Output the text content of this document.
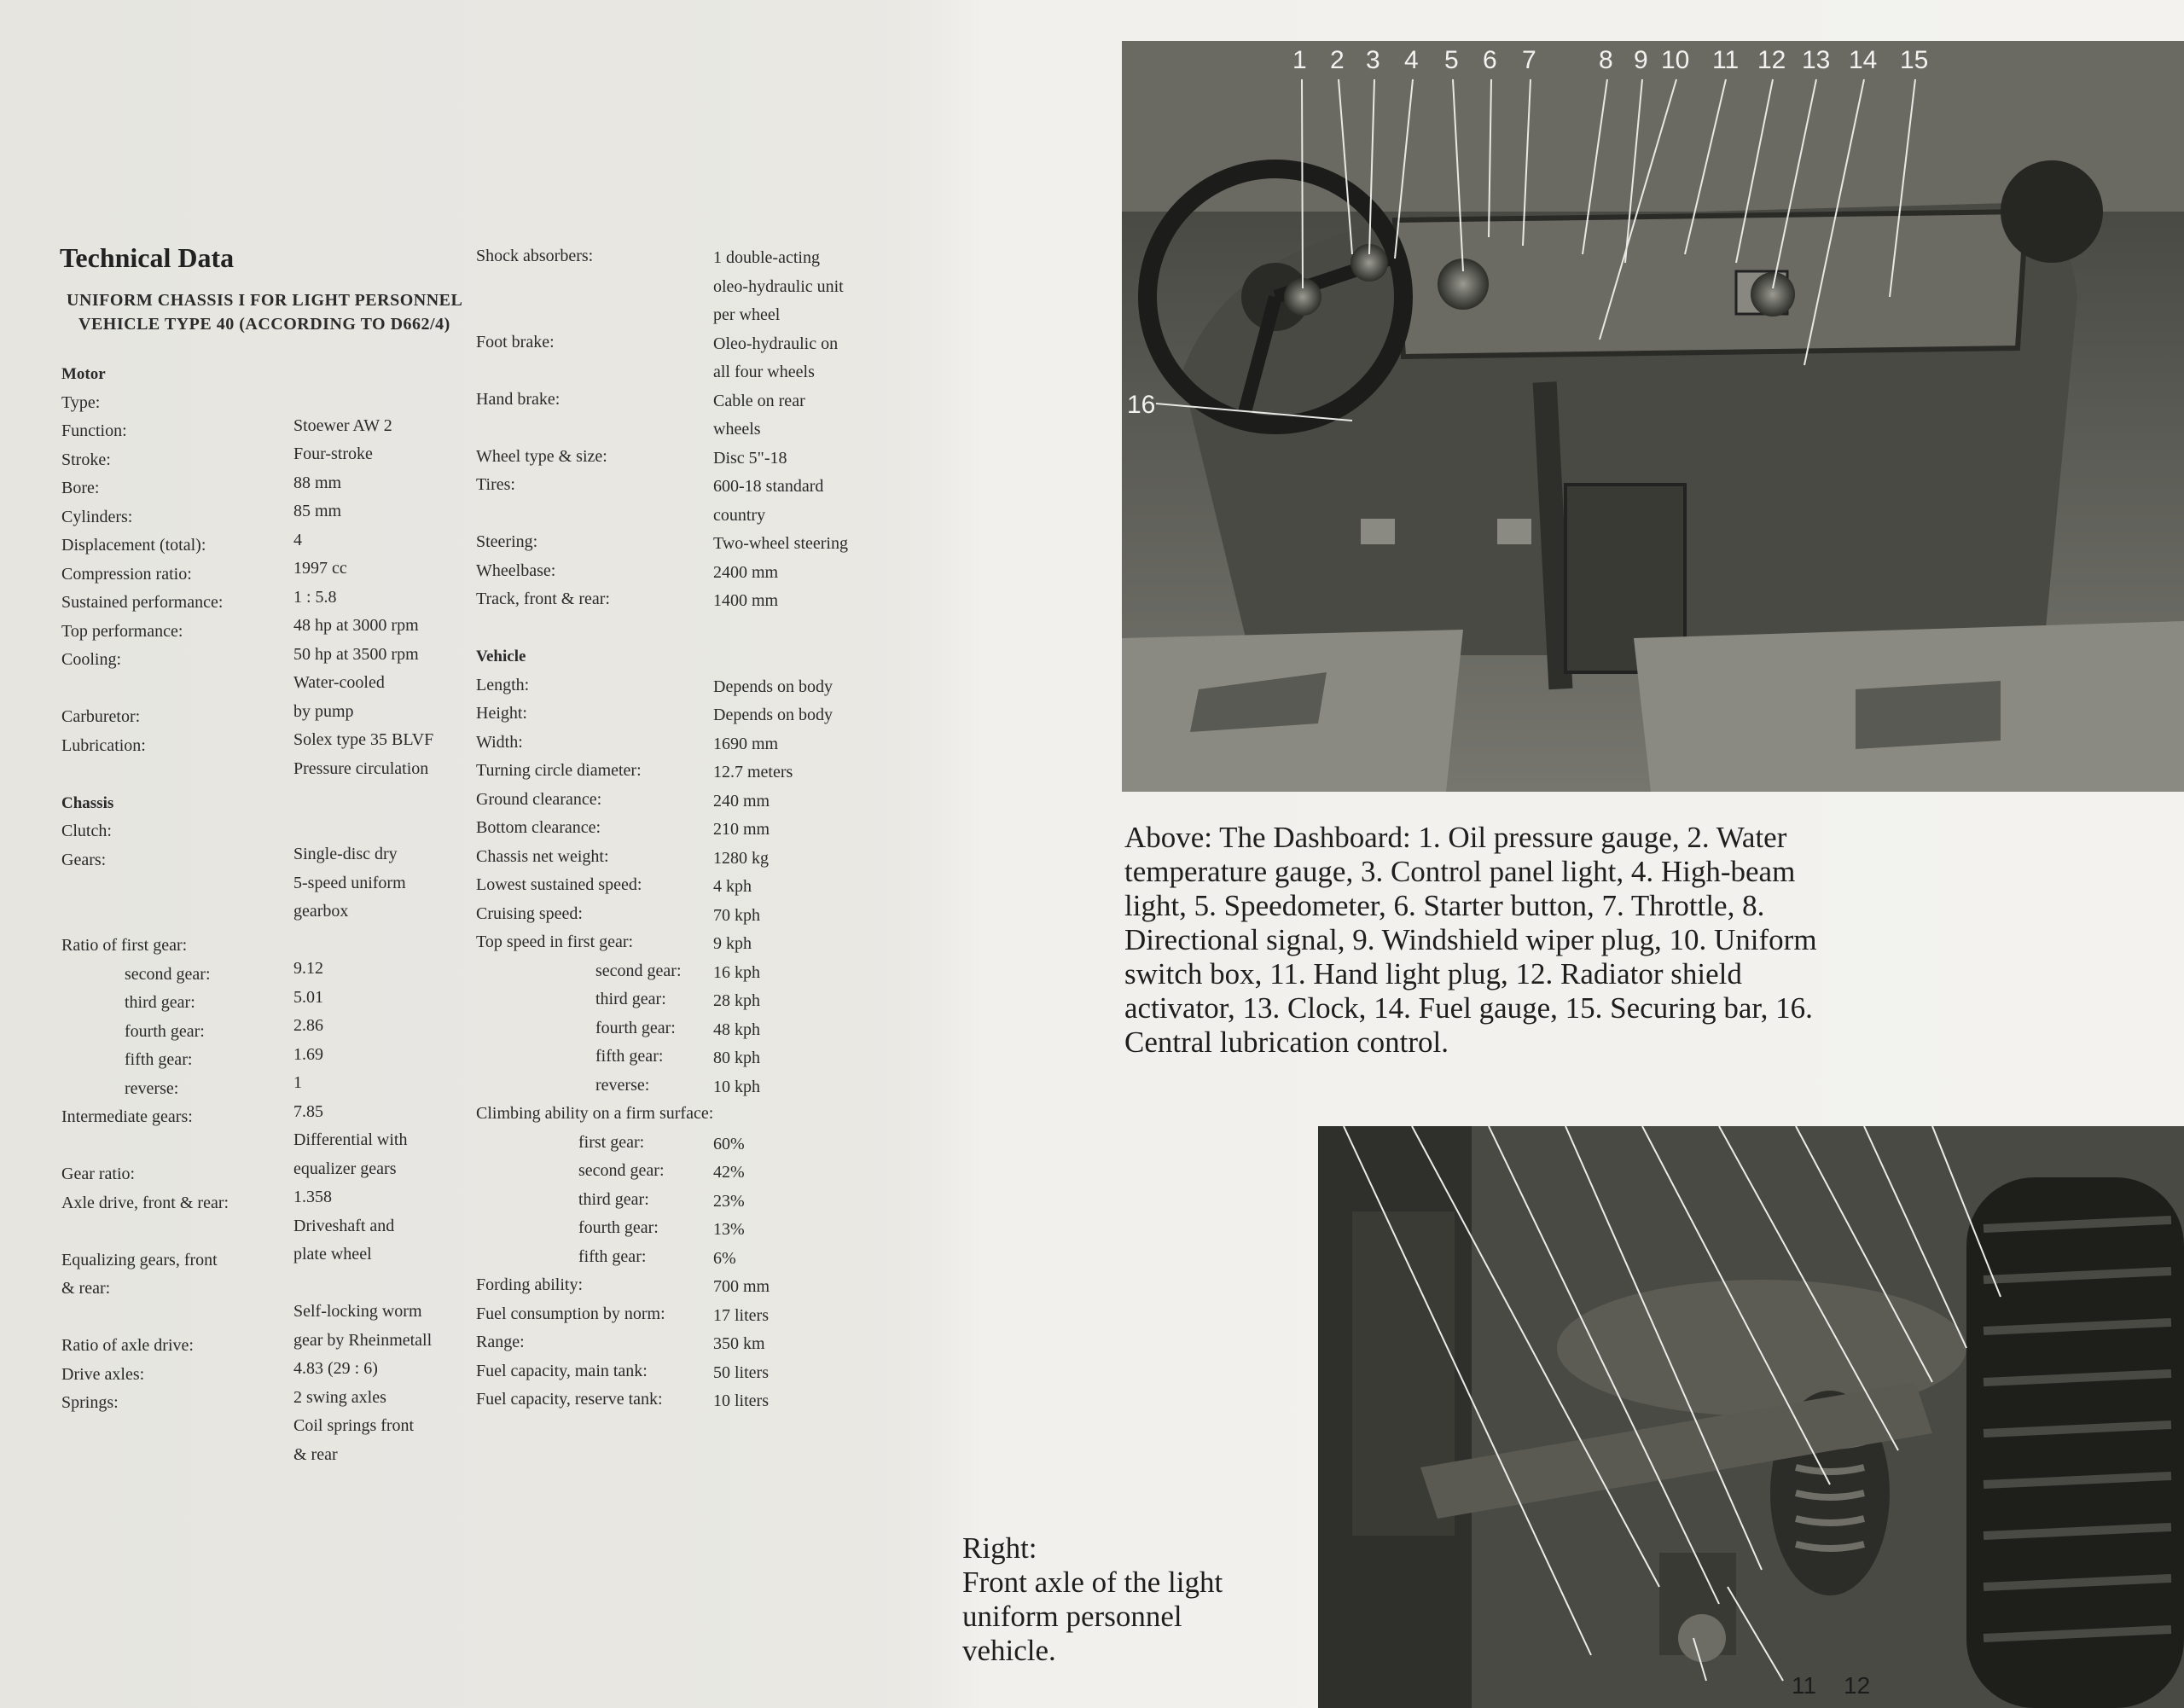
Technical Data
UNIFORM CHASSIS I FOR LIGHT PERSONNEL
VEHICLE TYPE 40 (ACCORDING TO D662/4)
Motor
Type:
Function:
Stroke:
Bore:
Cylinders:
Displacement (total):
Compression ratio:
Sustained performance:
Top performance:
Cooling:
Carburetor:
Lubrication:
Chassis
Clutch:
Gears:
Ratio of first gear:
second gear:
third gear:
fourth gear:
fifth gear:
reverse:
Intermediate gears:
Gear ratio:
Axle drive, front & rear:
Equalizing gears, front
& rear:
Ratio of axle drive:
Drive axles:
Springs:
Stoewer AW 2
Four-stroke
88 mm
85 mm
4
1997 cc
1 : 5.8
48 hp at 3000 rpm
50 hp at 3500 rpm
Water-cooled
by pump
Solex type 35 BLVF
Pressure circulation
Single-disc dry
5-speed uniform
gearbox
9.12
5.01
2.86
1.69
1
7.85
Differential with
equalizer gears
1.358
Driveshaft and
plate wheel
Self-locking worm
gear by Rheinmetall
4.83 (29 : 6)
2 swing axles
Coil springs front
& rear
Shock absorbers:
Foot brake:
Hand brake:
Wheel type & size:
Tires:
Steering:
Wheelbase:
Track, front & rear:
Vehicle
Length:
Height:
Width:
Turning circle diameter:
Ground clearance:
Bottom clearance:
Chassis net weight:
Lowest sustained speed:
Cruising speed:
Top speed in first gear:
second gear:
third gear:
fourth gear:
fifth gear:
reverse:
Climbing ability on a firm surface:
first gear:
second gear:
third gear:
fourth gear:
fifth gear:
Fording ability:
Fuel consumption by norm:
Range:
Fuel capacity, main tank:
Fuel capacity, reserve tank:
1 double-acting
oleo-hydraulic unit
per wheel
Oleo-hydraulic on
all four wheels
Cable on rear
wheels
Disc 5"-18
600-18 standard
country
Two-wheel steering
2400 mm
1400 mm
Depends on body
Depends on body
1690 mm
12.7 meters
240 mm
210 mm
1280 kg
4 kph
70 kph
9 kph
16 kph
28 kph
48 kph
80 kph
10 kph
60%
42%
23%
13%
6%
700 mm
17 liters
350 km
50 liters
10 liters
1 2 3 4 5 6 7 8 9 10 11 12 13 14 15
16
Above: The Dashboard: 1. Oil pressure gauge, 2. Water
temperature gauge, 3. Control panel light, 4. High-beam
light, 5. Speedometer, 6. Starter button, 7. Throttle, 8.
Directional signal, 9. Windshield wiper plug, 10. Uniform
switch box, 11. Hand light plug, 12. Radiator shield
activator, 13. Clock, 14. Fuel gauge, 15. Securing bar, 16.
Central lubrication control.
Right:
Front axle of the light
uniform personnel
vehicle.
11 12
